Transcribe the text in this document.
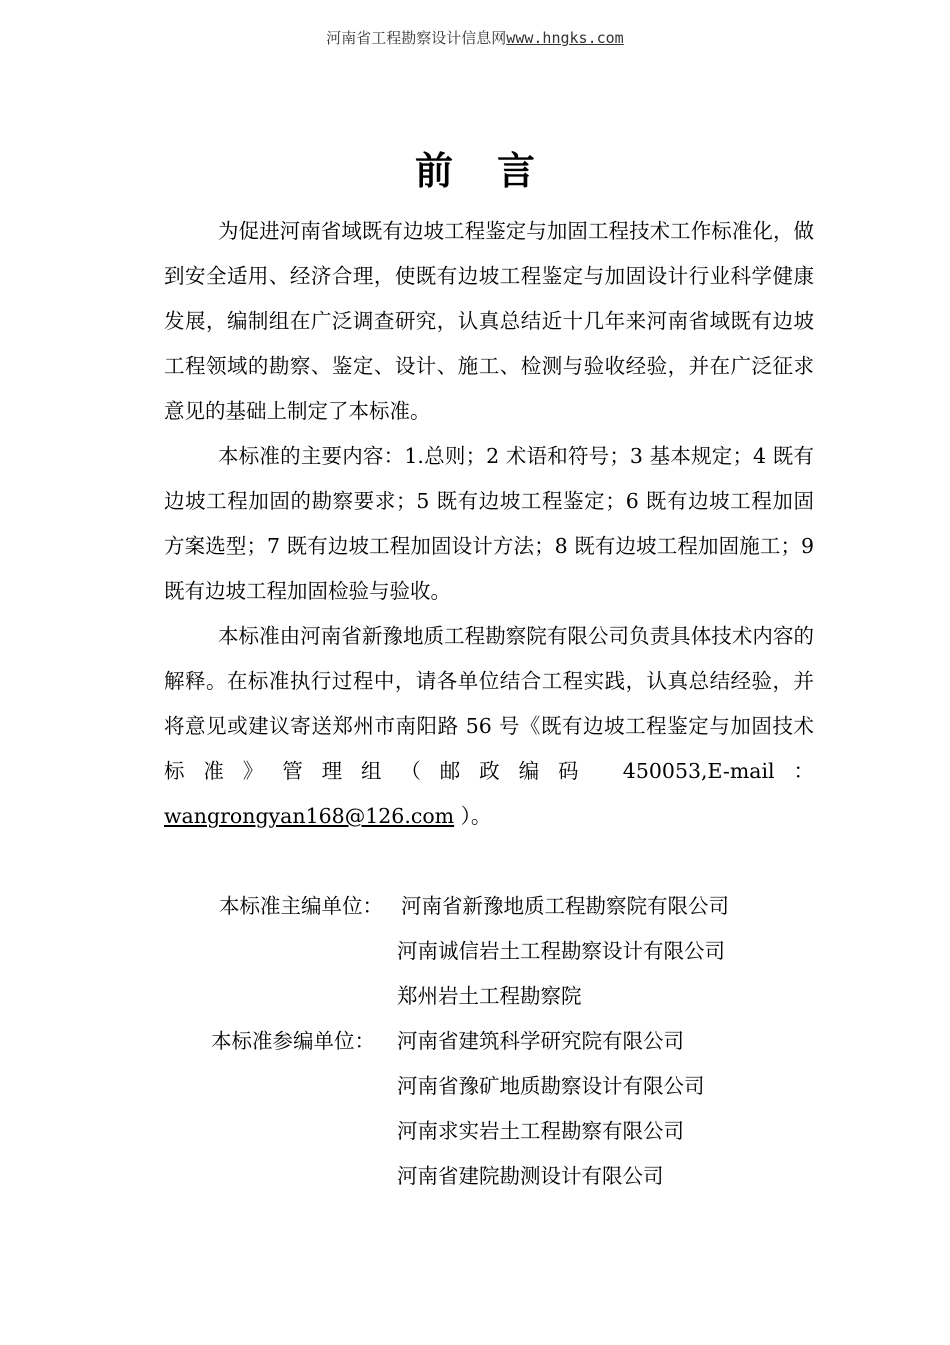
河南省工程勘察设计信息网www.hngks.com
前言

为促进河南省域既有边坡工程鉴定与加固工程技术工作标准化，做到安全适用、经济合理，使既有边坡工程鉴定与加固设计行业科学健康发展，编制组在广泛调查研究，认真总结近十几年来河南省域既有边坡工程领域的勘察、鉴定、设计、施工、检测与验收经验，并在广泛征求意见的基础上制定了本标准。

本标准的主要内容：1.总则；2 术语和符号；3 基本规定；4 既有边坡工程加固的勘察要求；5 既有边坡工程鉴定；6 既有边坡工程加固方案选型；7 既有边坡工程加固设计方法；8 既有边坡工程加固施工；9既有边坡工程加固检验与验收。

本标准由河南省新豫地质工程勘察院有限公司负责具体技术内容的解释。在标准执行过程中，请各单位结合工程实践，认真总结经验，并将意见或建议寄送郑州市南阳路 56 号《既有边坡工程鉴定与加固技术标准》管理组（邮政编码 450053,E-mail：wangrongyan168@126.com ）。

本标准主编单位： 河南省新豫地质工程勘察院有限公司
河南诚信岩土工程勘察设计有限公司
郑州岩土工程勘察院
本标准参编单位： 河南省建筑科学研究院有限公司
河南省豫矿地质勘察设计有限公司
河南求实岩土工程勘察有限公司
河南省建院勘测设计有限公司
